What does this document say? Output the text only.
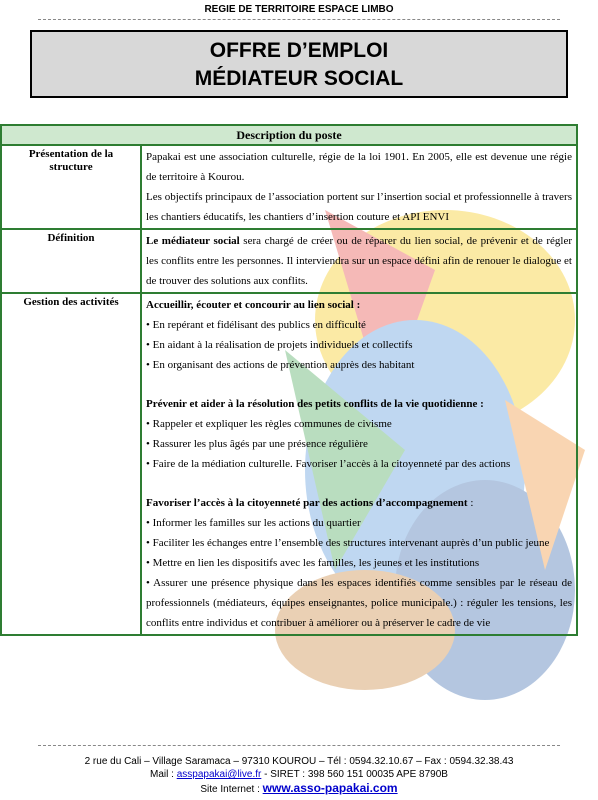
REGIE DE TERRITOIRE ESPACE LIMBO
OFFRE D’EMPLOI
MÉDIATEUR SOCIAL
Description du poste
Présentation de la structure

Papakai est une association culturelle, régie de la loi 1901. En 2005, elle est devenue une régie de territoire à Kourou.

Les objectifs principaux de l’association portent sur l’insertion social et professionnelle à travers les chantiers éducatifs, les chantiers d’insertion couture et API ENVI

Définition	Le médiateur social sera chargé de créer ou de réparer du lien social, de prévenir et de régler les conflits entre les personnes. Il interviendra sur un espace défini afin de renouer le dialogue et de trouver des solutions aux conflits.

Gestion des activités	Accueillir, écouter et concourir au lien social :

• En repérant et fidélisant des publics en difficulté

• En aidant à la réalisation de projets individuels et collectifs

• En organisant des actions de prévention auprès des habitant

Prévenir et aider à la résolution des petits conflits de la vie quotidienne :

• Rappeler et expliquer les règles communes de civisme

• Rassurer les plus âgés par une présence régulière

• Faire de la médiation culturelle. Favoriser l’accès à la citoyenneté par des actions

Favoriser l’accès à la citoyenneté par des actions d’accompagnement :

• Informer les familles sur les actions du quartier

• Faciliter les échanges entre l’ensemble des structures intervenant auprès d’un public jeune

• Mettre en lien les dispositifs avec les familles, les jeunes et les institutions

• Assurer une présence physique dans les espaces identifiés comme sensibles par le réseau de professionnels (médiateurs, équipes enseignantes, police municipale.) : réguler les tensions, les conflits entre individus et contribuer à améliorer ou à préserver le cadre de vie

2 rue du Cali – Village Saramaca – 97310 KOUROU – Tél : 0594.32.10.67 – Fax : 0594.32.38.43
Mail : asspapakai@live.fr - SIRET : 398 560 151 00035 APE 8790B
Site Internet : www.asso-papakai.com
